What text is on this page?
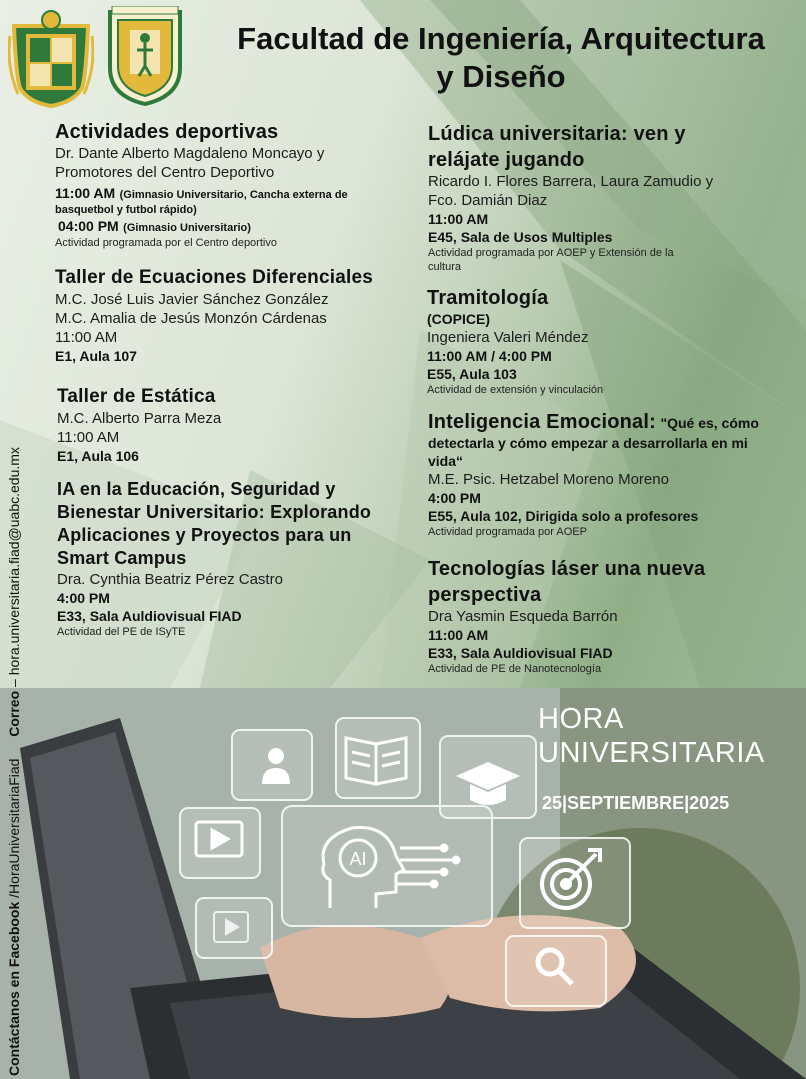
Facultad de Ingeniería, Arquitectura
y Diseño
Actividades deportivas
Dr. Dante Alberto Magdaleno Moncayo y
Promotores del Centro Deportivo
11:00 AM (Gimnasio Universitario, Cancha externa de
basquetbol y futbol rápido)
04:00 PM (Gimnasio Universitario)
Actividad programada por el Centro deportivo
Taller de Ecuaciones Diferenciales
M.C. José Luis Javier Sánchez González
M.C. Amalia de Jesús Monzón Cárdenas
11:00 AM
E1, Aula 107
Taller de Estática
M.C. Alberto Parra Meza
11:00 AM
E1, Aula 106
IA en la Educación, Seguridad y
Bienestar Universitario: Explorando
Aplicaciones y Proyectos para un
Smart Campus
Dra. Cynthia Beatriz Pérez Castro
4:00 PM
E33, Sala Auldiovisual FIAD
Actividad del PE de ISyTE
Lúdica universitaria: ven y
relájate jugando
Ricardo I. Flores Barrera, Laura Zamudio y
Fco. Damián Diaz
11:00 AM
E45, Sala de Usos Multiples
Actividad programada por AOEP y Extensión de la
cultura
Tramitología
(COPICE)
Ingeniera Valeri Méndez
11:00 AM / 4:00 PM
E55, Aula 103
Actividad de extensión y vinculación
Inteligencia Emocional: "Qué es, cómo
detectarla y cómo empezar a desarrollarla en mi
vida“
M.E. Psic. Hetzabel Moreno Moreno
4:00 PM
E55, Aula 102, Dirigida solo a profesores
Actividad programada por AOEP
Tecnologías láser una nueva
perspectiva
Dra Yasmin Esqueda Barrón
11:00 AM
E33, Sala Auldiovisual FIAD
Actividad de PE de Nanotecnología
AI
HORA
UNIVERSITARIA
25|SEPTIEMBRE|2025
Contáctanos en Facebook /HoraUniversitariaFiad  Correo – hora.universitaria.fiad@uabc.edu.mx
